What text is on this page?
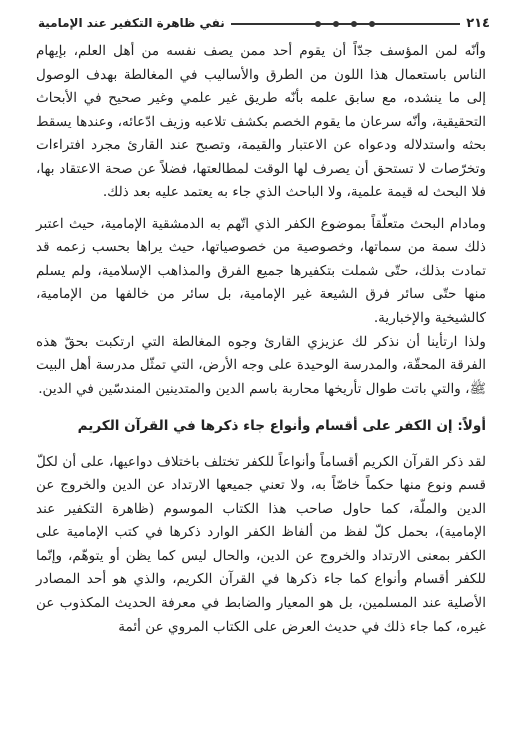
٢١٤
نفي ظاهرة التكفير عند الإمامية

وأنّه لمن المؤسف جدّاً أن يقوم أحد ممن يصف نفسه من أهل العلم، بإيهام الناس باستعمال هذا اللون من الطرق والأساليب في المغالطة بهدف الوصول إلى ما ينشده، مع سابق علمه بأنّه طريق غير علمي وغير صحيح في الأبحاث التحقيقية، وأنّه سرعان ما يقوم الخصم بكشف تلاعبه وزيف ادّعائه، وعندها يسقط بحثه واستدلاله ودعواه عن الاعتبار والقيمة، وتصبح عند القارئ مجرد افتراءات وتخرّصات لا تستحق أن يصرف لها الوقت لمطالعتها، فضلاً عن صحة الاعتقاد بها، فلا البحث له قيمة علمية، ولا الباحث الذي جاء به يعتمد عليه بعد ذلك.

ومادام البحث متعلّقاً بموضوع الكفر الذي اتّهم به الدمشقية الإمامية، حيث اعتبر ذلك سمة من سماتها، وخصوصية من خصوصياتها، حيث يراها بحسب زعمه قد تمادت بذلك، حتّى شملت بتكفيرها جميع الفرق والمذاهب الإسلامية، ولم يسلم منها حتّى سائر فرق الشيعة غير الإمامية، بل سائر من خالفها من الإمامية، كالشيخية والإخبارية.

ولذا ارتأينا أن نذكر لك عزيزي القارئ وجوه المغالطة التي ارتكبت بحقّ هذه الفرقة المحقّة، والمدرسة الوحيدة على وجه الأرض، التي تمثّل مدرسة أهل البيت ﷺ، والتي باتت طوال تأريخها محاربة باسم الدين والمتدينين المندسّين في الدين.

أولاً: إن الكفر على أقسام وأنواع جاء ذكرها في القرآن الكريم

لقد ذكر القرآن الكريم أقساماً وأنواعاً للكفر تختلف باختلاف دواعيها، على أن لكلّ قسم ونوع منها حكماً خاصّاً به، ولا تعني جميعها الارتداد عن الدين والخروج عن الدين والملّة، كما حاول صاحب هذا الكتاب الموسوم (ظاهرة التكفير عند الإمامية)، بحمل كلّ لفظ من ألفاظ الكفر الوارد ذكرها في كتب الإمامية على الكفر بمعنى الارتداد والخروج عن الدين، والحال ليس كما يظن أو يتوهّم، وإنّما للكفر أقسام وأنواع كما جاء ذكرها في القرآن الكريم، والذي هو أحد المصادر الأصلية عند المسلمين، بل هو المعيار والضابط في معرفة الحديث المكذوب عن غيره، كما جاء ذلك في حديث العرض على الكتاب المروي عن أئمة
